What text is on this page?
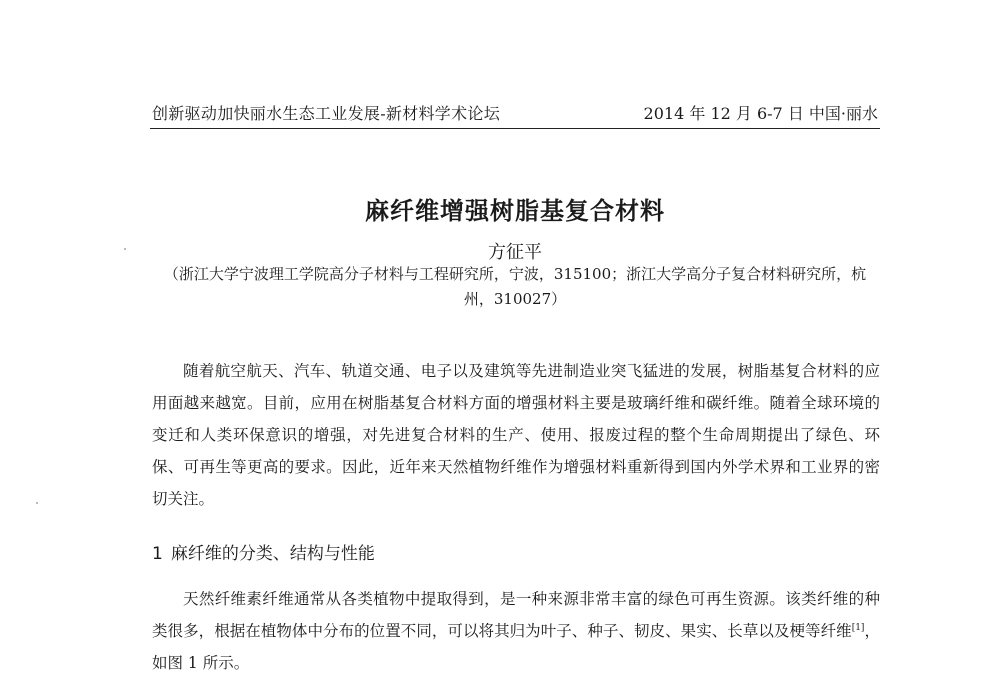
创新驱动加快丽水生态工业发展-新材料学术论坛	2014 年 12 月 6-7 日 中国·丽水
麻纤维增强树脂基复合材料
方征平
（浙江大学宁波理工学院高分子材料与工程研究所，宁波，315100；浙江大学高分子复合材料研究所，杭州，310027）

随着航空航天、汽车、轨道交通、电子以及建筑等先进制造业突飞猛进的发展，树脂基复合材料的应用面越来越宽。目前，应用在树脂基复合材料方面的增强材料主要是玻璃纤维和碳纤维。随着全球环境的变迁和人类环保意识的增强，对先进复合材料的生产、使用、报废过程的整个生命周期提出了绿色、环保、可再生等更高的要求。因此，近年来天然植物纤维作为增强材料重新得到国内外学术界和工业界的密切关注。

1 麻纤维的分类、结构与性能

天然纤维素纤维通常从各类植物中提取得到，是一种来源非常丰富的绿色可再生资源。该类纤维的种类很多，根据在植物体中分布的位置不同，可以将其归为叶子、种子、韧皮、果实、长草以及梗等纤维[1]，如图 1 所示。
